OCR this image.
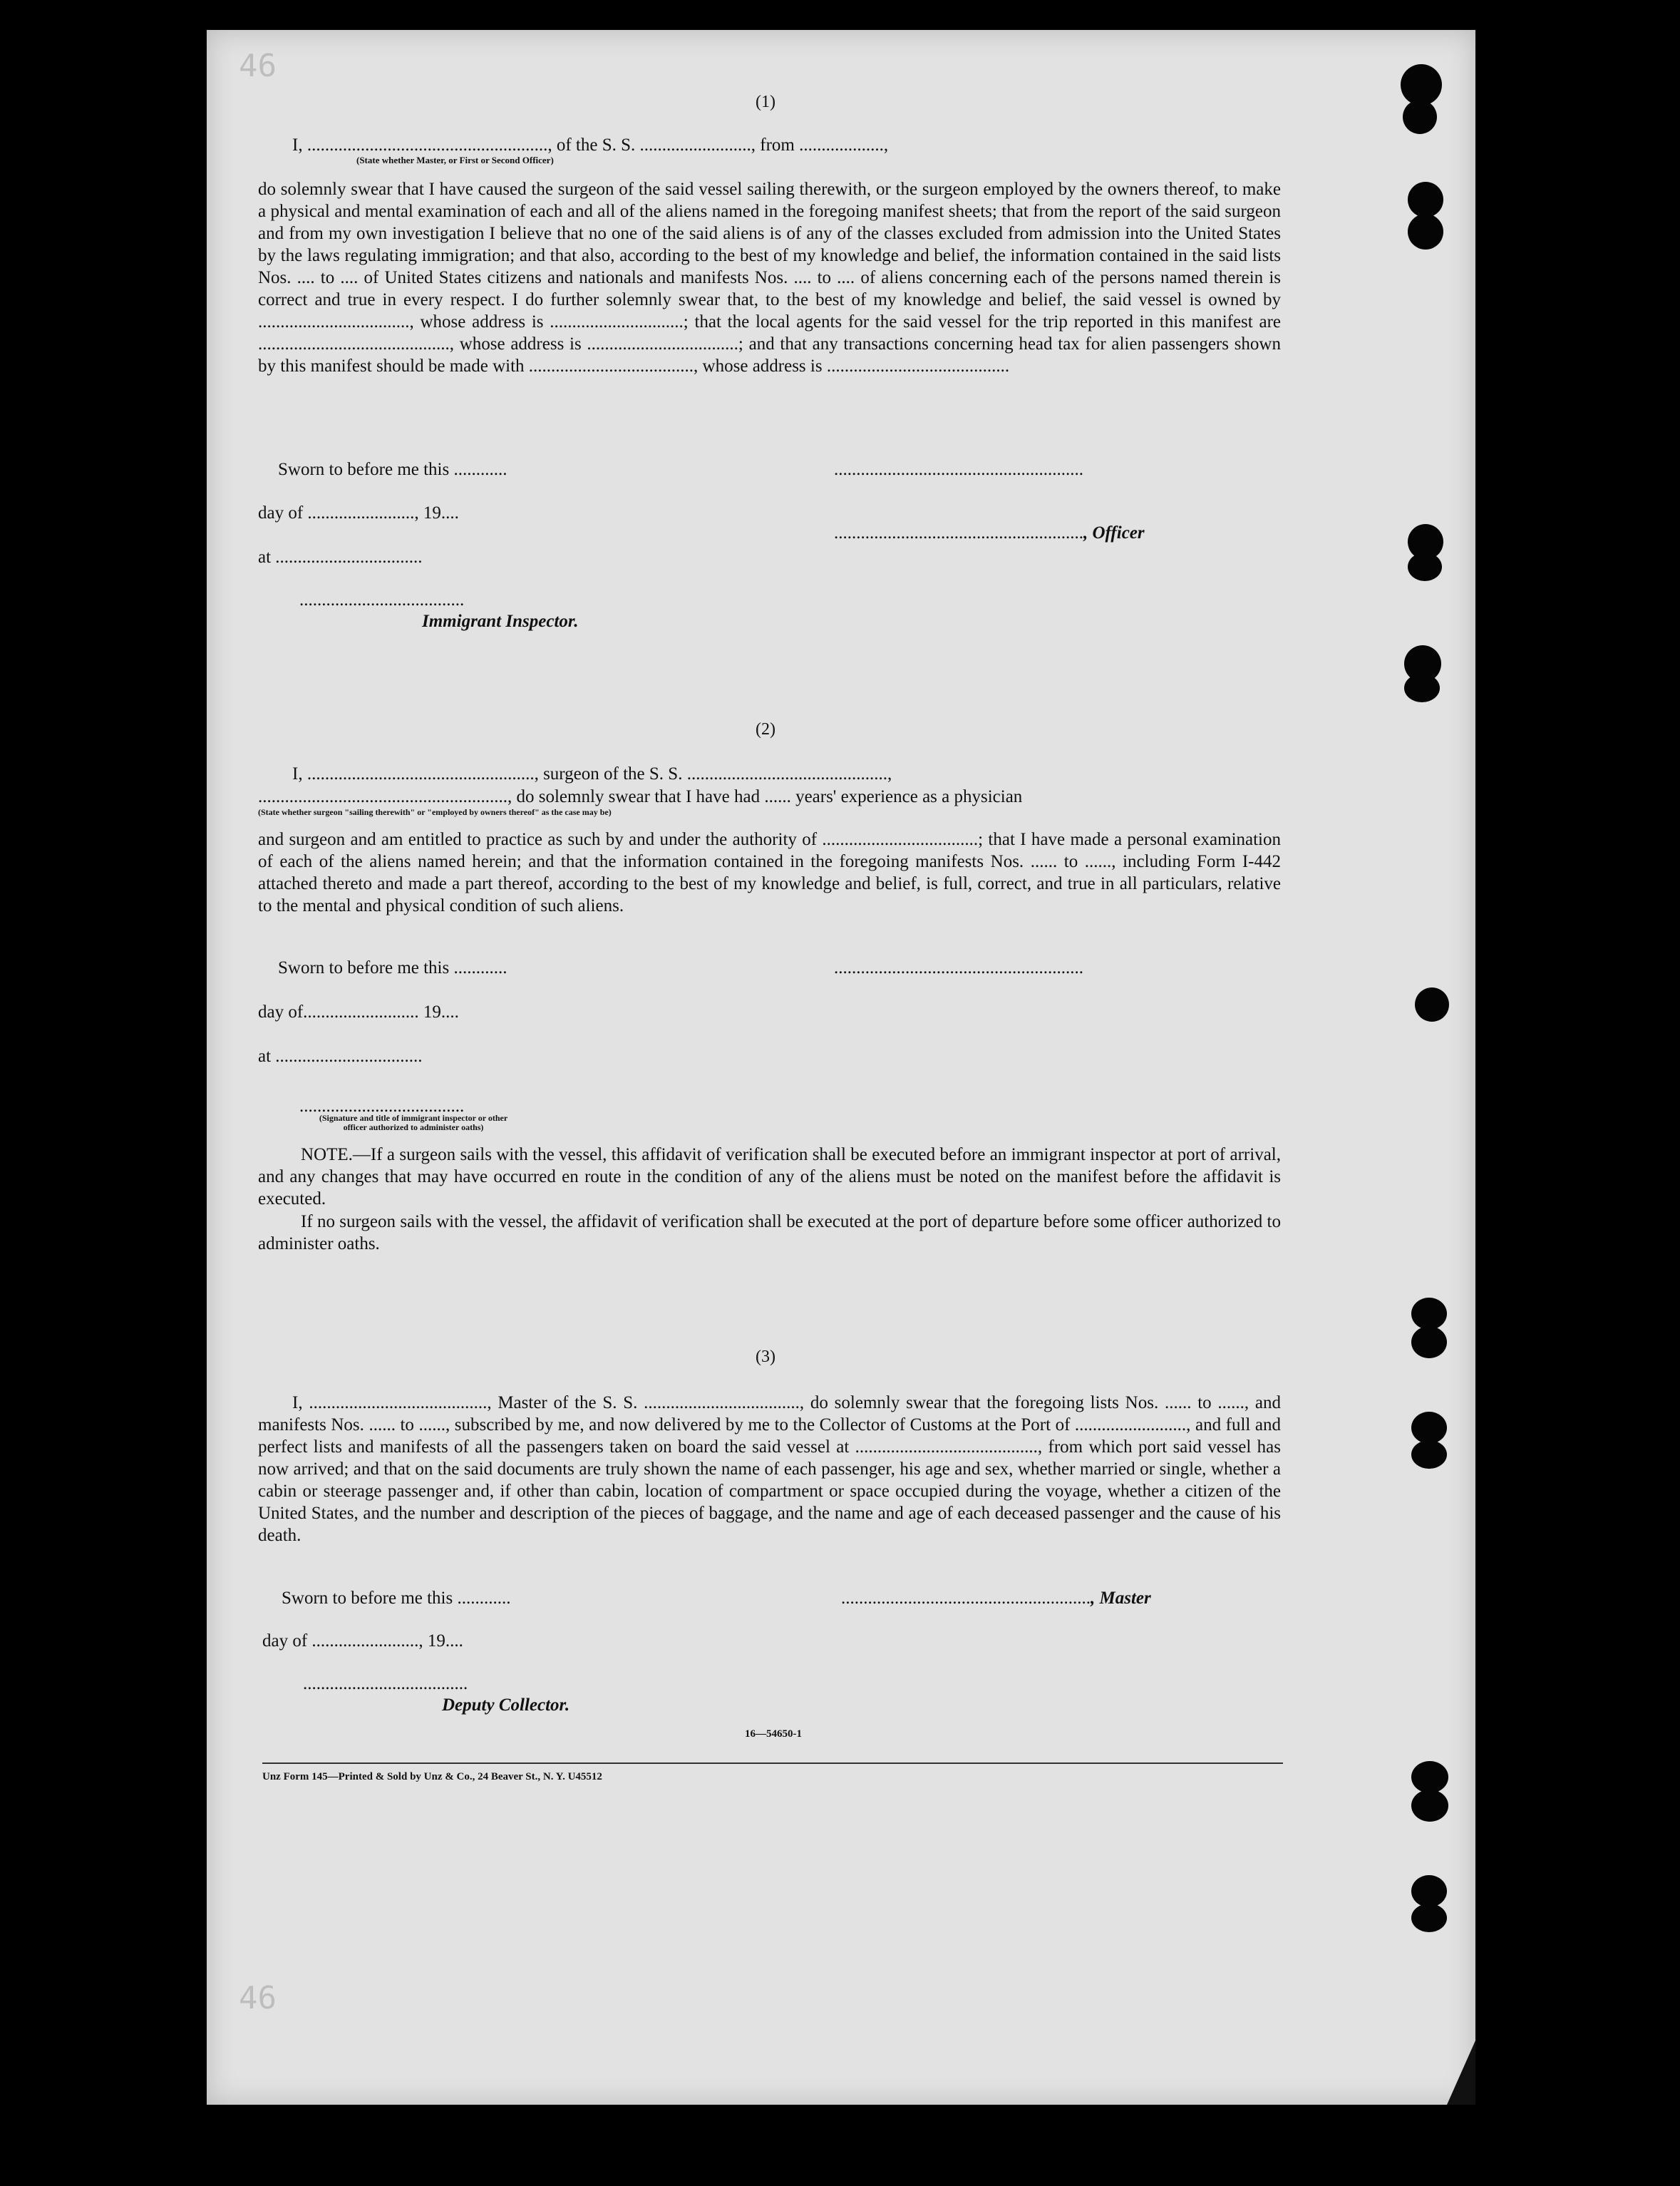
46
46
(1)
I, ......................................................, of the S. S. ........................., from ...................,
(State whether Master, or First or Second Officer)

do solemnly swear that I have caused the surgeon of the said vessel sailing therewith, or the surgeon employed by the owners thereof, to make a physical and mental examination of each and all of the aliens named in the foregoing manifest sheets; that from the report of the said surgeon and from my own investigation I believe that no one of the said aliens is of any of the classes excluded from admission into the United States by the laws regulating immigration; and that also, according to the best of my knowledge and belief, the information contained in the said lists Nos. .... to .... of United States citizens and nationals and manifests Nos. .... to .... of aliens concerning each of the persons named therein is correct and true in every respect. I do further solemnly swear that, to the best of my knowledge and belief, the said vessel is owned by .................................., whose address is ..............................; that the local agents for the said vessel for the trip reported in this manifest are ..........................................., whose address is ..................................; and that any transactions concerning head tax for alien passengers shown by this manifest should be made with ....................................., whose address is .........................................

Sworn to before me this ............
day of ........................, 19....
at .................................
.....................................
Immigrant Inspector.
........................................................
........................................................, Officer
(2)
I, ..................................................., surgeon of the S. S. .............................................,
........................................................, do solemnly swear that I have had ...... years' experience as a physician
(State whether surgeon "sailing therewith" or "employed by owners thereof" as the case may be)

and surgeon and am entitled to practice as such by and under the authority of ...................................; that I have made a personal examination of each of the aliens named herein; and that the information contained in the foregoing manifests Nos. ...... to ......, including Form I-442 attached thereto and made a part thereof, according to the best of my knowledge and belief, is full, correct, and true in all particulars, relative to the mental and physical condition of such aliens.

Sworn to before me this ............	........................................................
day of.......................... 19....
at .................................
.....................................
(Signature and title of immigrant inspector or other officer authorized to administer oaths)

NOTE.—If a surgeon sails with the vessel, this affidavit of verification shall be executed before an immigrant inspector at port of arrival, and any changes that may have occurred en route in the condition of any of the aliens must be noted on the manifest before the affidavit is executed.

If no surgeon sails with the vessel, the affidavit of verification shall be executed at the port of departure before some officer authorized to administer oaths.

(3)

I, ........................................, Master of the S. S. ..................................., do solemnly swear that the foregoing lists Nos. ...... to ......, and manifests Nos. ...... to ......, subscribed by me, and now delivered by me to the Collector of Customs at the Port of ........................., and full and perfect lists and manifests of all the passengers taken on board the said vessel at ........................................., from which port said vessel has now arrived; and that on the said documents are truly shown the name of each passenger, his age and sex, whether married or single, whether a cabin or steerage passenger and, if other than cabin, location of compartment or space occupied during the voyage, whether a citizen of the United States, and the number and description of the pieces of baggage, and the name and age of each deceased passenger and the cause of his death.

Sworn to before me this ............	........................................................, Master
day of ........................, 19....
.....................................
Deputy Collector.
16—54650-1
Unz Form 145—Printed & Sold by Unz & Co., 24 Beaver St., N. Y. U45512
